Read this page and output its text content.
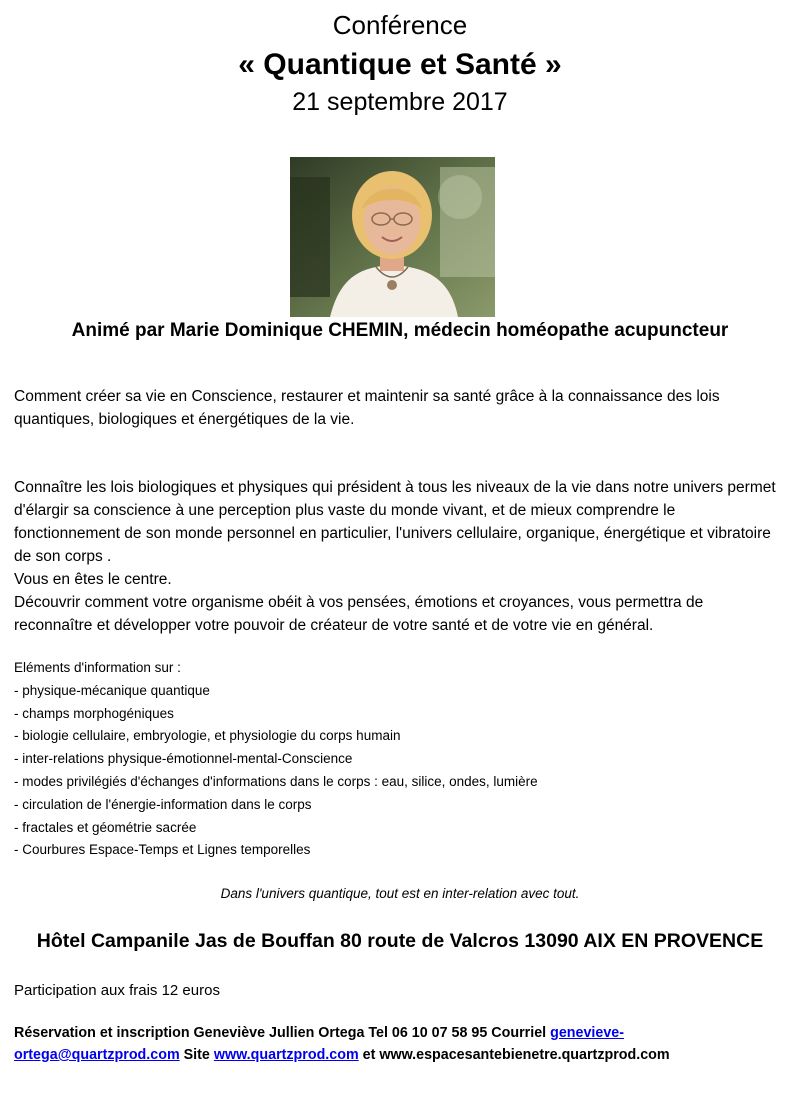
Conférence
« Quantique et Santé »
21 septembre 2017
Animé par Marie Dominique CHEMIN, médecin homéopathe acupuncteur
Comment créer sa vie en Conscience, restaurer et maintenir sa santé grâce à la connaissance des lois quantiques, biologiques et énergétiques de la vie.
Connaître les lois biologiques et physiques qui président à tous les niveaux de la vie dans notre univers permet d'élargir sa conscience à une perception plus vaste du monde vivant, et de mieux comprendre le fonctionnement de son monde personnel en particulier, l'univers cellulaire, organique, énergétique et vibratoire de son corps .
Vous en êtes le centre.
Découvrir comment votre organisme obéit à vos pensées, émotions et croyances, vous permettra de reconnaître et développer votre pouvoir de créateur de votre santé et de votre vie en général.
Eléments d'information sur :
- physique-mécanique quantique
- champs morphogéniques
- biologie cellulaire, embryologie, et physiologie du corps humain
- inter-relations physique-émotionnel-mental-Conscience
- modes privilégiés d'échanges d'informations dans le corps : eau, silice, ondes, lumière
- circulation de l'énergie-information dans le corps
- fractales et géométrie sacrée
- Courbures Espace-Temps et Lignes temporelles
Dans l'univers quantique, tout est en inter-relation avec tout.
Hôtel Campanile Jas de Bouffan 80 route de Valcros 13090 AIX EN PROVENCE
Participation aux frais 12 euros
Réservation et inscription Geneviève Jullien Ortega Tel 06 10 07 58 95 Courriel genevieve-
ortega@quartzprod.com Site www.quartzprod.com et www.espacesantebienetre.quartzprod.com
